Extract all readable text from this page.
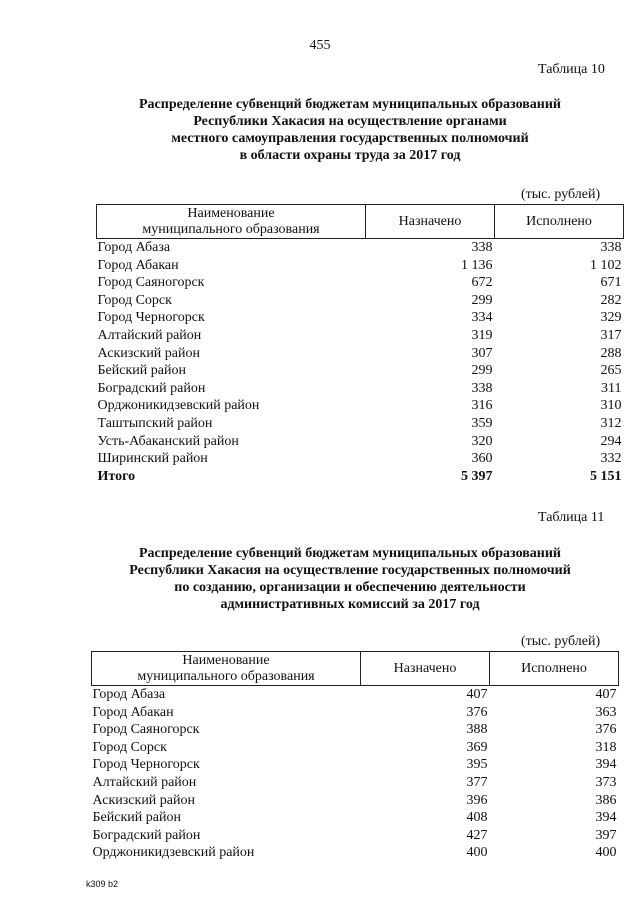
455
Таблица 10
Распределение субвенций бюджетам муниципальных образований
Республики Хакасия на осуществление органами
местного самоуправления государственных полномочий
в области охраны труда за 2017 год
(тыс. рублей)
Наименование
муниципального образования	Назначено	Исполнено
Город Абаза	338	338
Город Абакан	1 136	1 102
Город Саяногорск	672	671
Город Сорск	299	282
Город Черногорск	334	329
Алтайский район	319	317
Аскизский район	307	288
Бейский район	299	265
Боградский район	338	311
Орджоникидзевский район	316	310
Таштыпский район	359	312
Усть-Абаканский район	320	294
Ширинский район	360	332
Итого	5 397	5 151
Таблица 11
Распределение субвенций бюджетам муниципальных образований
Республики Хакасия на осуществление государственных полномочий
по созданию, организации и обеспечению деятельности
административных комиссий за 2017 год
(тыс. рублей)
Наименование
муниципального образования	Назначено	Исполнено
Город Абаза	407	407
Город Абакан	376	363
Город Саяногорск	388	376
Город Сорск	369	318
Город Черногорск	395	394
Алтайский район	377	373
Аскизский район	396	386
Бейский район	408	394
Боградский район	427	397
Орджоникидзевский район	400	400
k309 b2
